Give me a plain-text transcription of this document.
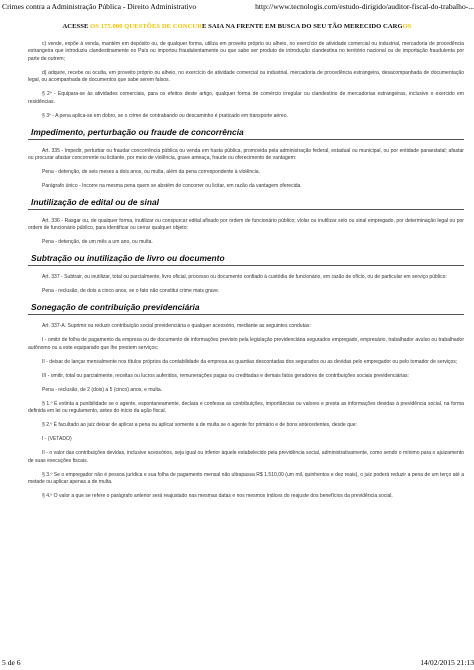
Crimes contra a Administração Pública - Direito Administrativo	http://www.tecnologis.com/estudo-dirigido/auditor-fiscal-do-trabalho-...
ACESSE OS 175.000 QUESTÕES DE CONCURE SAIA NA FRENTE EM BUSCA DO SEU TÃO MERECIDO CARGOS

c) vende, expõe à venda, mantém em depósito ou, de qualquer forma, utiliza em proveito próprio ou alheio, no exercício de atividade comercial ou industrial, mercadoria de procedência estrangeira que introduziu clandestinamente no País ou importou fraudulentamente ou que sabe ser produto de introdução clandestina no território nacional ou de importação fraudulenta por parte de outrem;

d) adquire, recebe ou oculta, em proveito próprio ou alheio, no exercício de atividade comercial ou industrial, mercadoria de procedência estrangeira, desacompanhada de documentação legal, ou acompanhada de documentos que sabe serem falsos.

§ 2º - Equipara-se às atividades comerciais, para os efeitos deste artigo, qualquer forma de comércio irregular ou clandestino de mercadorias estrangeiras, inclusive o exercido em residências.

§ 3º - A pena aplica-se em dobro, se o crime de contrabando ou descaminho é praticado em transporte aéreo.

Impedimento, perturbação ou fraude de concorrência

Art. 335 - Impedir, perturbar ou fraudar concorrência pública ou venda em hasta pública, promovida pela administração federal, estadual ou municipal, ou por entidade paraestatal; afastar ou procurar afastar concorrente ou licitante, por meio de violência, grave ameaça, fraude ou oferecimento de vantagem:

Pena - detenção, de seis meses a dois anos, ou multa, além da pena correspondente à violência.

Parágrafo único - Incorre na mesma pena quem se abstém de concorrer ou licitar, em razão da vantagem oferecida.

Inutilização de edital ou de sinal

Art. 336 - Rasgar ou, de qualquer forma, inutilizar ou conspurcar edital afixado por ordem de funcionário público; violar ou inutilizar selo ou sinal empregado, por determinação legal ou por ordem de funcionário público, para identificar ou cerrar qualquer objeto:

Pena - detenção, de um mês a um ano, ou multa.

Subtração ou inutilização de livro ou documento

Art. 337 - Subtrair, ou inutilizar, total ou parcialmente, livro oficial, processo ou documento confiado à custódia de funcionário, em razão de ofício, ou de particular em serviço público:

Pena - reclusão, de dois a cinco anos, se o fato não constitui crime mais grave.

Sonegação de contribuição previdenciária

Art. 337-A. Suprimir ou reduzir contribuição social previdenciária e qualquer acessório, mediante as seguintes condutas:

I - omitir de folha de pagamento da empresa ou de documento de informações previsto pela legislação previdenciária segurados empregado, empresário, trabalhador avulso ou trabalhador autônomo ou a este equiparado que lhe prestem serviços;

II - deixar de lançar mensalmente nos títulos próprios da contabilidade da empresa as quantias descontadas dos segurados ou as devidas pelo empregador ou pelo tomador de serviços;

III - omitir, total ou parcialmente, receitas ou lucros auferidos, remunerações pagas ou creditadas e demais fatos geradores de contribuições sociais previdenciárias:

Pena - reclusão, de 2 (dois) a 5 (cinco) anos, e multa.

§ 1.º É extinta a punibilidade se o agente, espontaneamente, declara e confessa as contribuições, importâncias ou valores e presta as informações devidas à previdência social, na forma definida em lei ou regulamento, antes do início da ação fiscal.

§ 2.º É facultado ao juiz deixar de aplicar a pena ou aplicar somente a de multa se o agente for primário e de bons antecedentes, desde que:

I - (VETADO)

II - o valor das contribuições devidas, inclusive acessórios, seja igual ou inferior àquele estabelecido pela previdência social, administrativamente, como sendo o mínimo para o ajuizamento de suas execuções fiscais.

§ 3.º Se o empregador não é pessoa jurídica e sua folha de pagamento mensal não ultrapassa R$ 1.510,00 (um mil, quinhentos e dez reais), o juiz poderá reduzir a pena de um terço até a metade ou aplicar apenas a de multa.

§ 4.º O valor a que se refere o parágrafo anterior será reajustado nas mesmas datas e nos mesmos índices do reajuste dos benefícios da previdência social.

5 de 6	14/02/2015 21:13
